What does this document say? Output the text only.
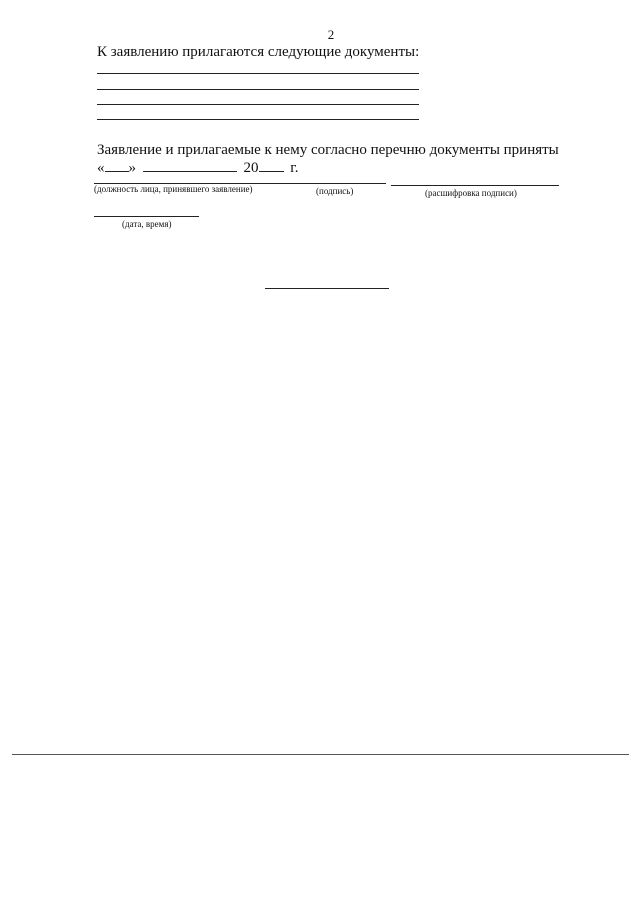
2
К заявлению прилагаются следующие документы:
Заявление и прилагаемые к нему согласно перечню документы приняты
« »	20 г.
(должность лица, принявшего заявление)	(подпись)	(расшифровка подписи)
(дата, время)
